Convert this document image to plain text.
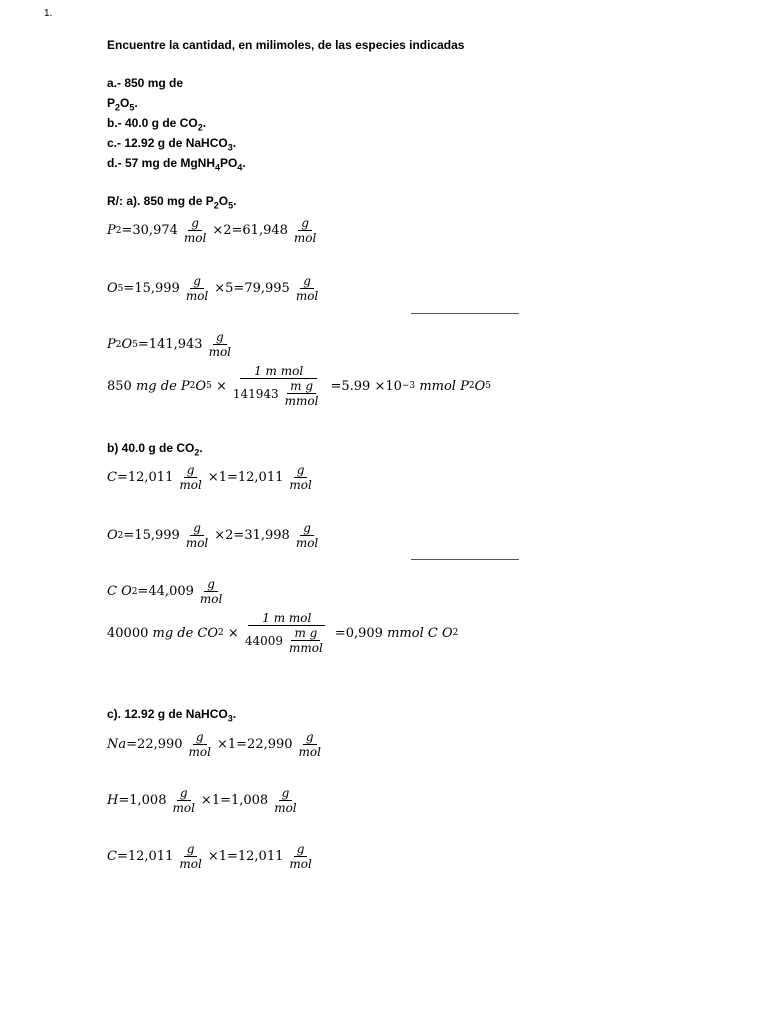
1.
Encuentre la cantidad, en milimoles, de las especies indicadas
a.- 850 mg de
$P_2O_5$.
b.- 40.0 g de $CO_2$.
c.- 12.92 g de NaHCO$_3$.
d.- 57 mg de $MgNH_4PO_4$.
R/: a). 850 mg de $P_2O_5$.
P $2 = 30,974 \frac{g}{\text{mol}} \times 2=61,948 \frac{g}{\text{mol}}$
O $5 = 15,999 \frac{g}{\text{mol}} \times 5=79,995 \frac{g}{\text{mol}}$
P 2 O $5 = 141,943 \frac{g}{\text{mol}}$
850
mg de P 2 O 5
× $\frac{\text{1 m mol}}{141943 \frac{\text{m g}}{\text{mmol}}} =5.99 \times 10 -3$
mmol P 2 O 5
b) 40.0 g de $CO_2$.
$C = 12,011 \frac{g}{\text{mol}} \times 1=12,011 \frac{g}{\text{mol}}$
O $2 = 15,999 \frac{g}{\text{mol}} \times 2=31,998 \frac{g}{\text{mol}}$
C O $2 = 44,009 \frac{g}{\text{mol}}$
40000
mg de CO 2
× $\frac{\text{1 m mol}}{44009 \frac{\text{m g}}{\text{mmol}}} =0,909$
mmol C O 2
c). 12.92 g de NaHCO$_3$.
$Na = 22,990 \frac{g}{\text{mol}} \times 1=22,990 \frac{g}{\text{mol}}$
$H = 1,008 \frac{g}{\text{mol}} \times 1=1,008 \frac{g}{\text{mol}}$
$C = 12,011 \frac{g}{\text{mol}} \times 1=12,011 \frac{g}{\text{mol}}$
